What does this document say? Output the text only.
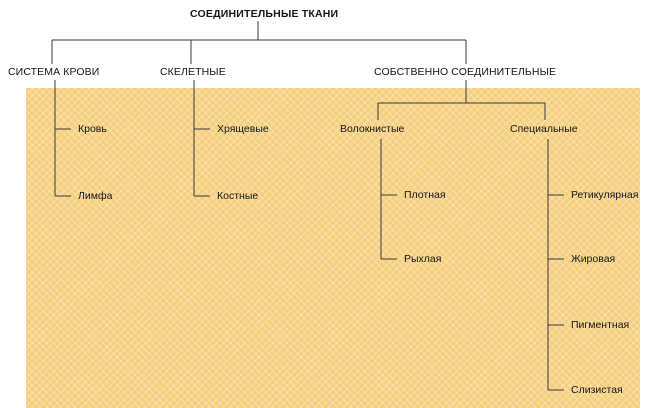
СОЕДИНИТЕЛЬНЫЕ ТКАНИ
СИСТЕМА КРОВИ	СКЕЛЕТНЫЕ	СОБСТВЕННО СОЕДИНИТЕЛЬНЫЕ
Кровь
Лимфа
Хрящевые
Костные
Волокнистые	Специальные
Плотная
Рыхлая
Ретикулярная
Жировая
Пигментная
Слизистая
